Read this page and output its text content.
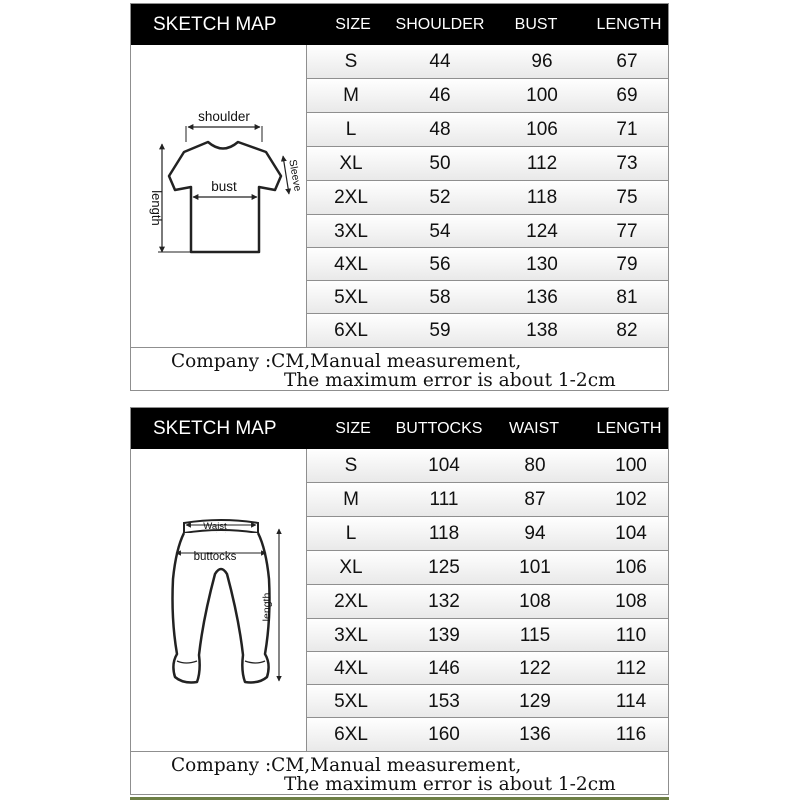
SKETCH MAP	SIZE SHOULDER BUST LENGTH
shoulder
bust
length
Sleeve
S	44	96	67
M	46	100	69
L	48	106	71
XL	50	112	73
2XL	52	118	75
3XL	54	124	77
4XL	56	130	79
5XL	58	136	81
6XL	59	138	82
Company :CM,Manual measurement,
The maximum error is about 1-2cm
SKETCH MAP	SIZE BUTTOCKS WAIST LENGTH
Waist
buttocks
length
S	104	80	100
M	111	87	102
L	118	94	104
XL	125	101	106
2XL	132	108	108
3XL	139	115	110
4XL	146	122	112
5XL	153	129	114
6XL	160	136	116
Company :CM,Manual measurement,
The maximum error is about 1-2cm
